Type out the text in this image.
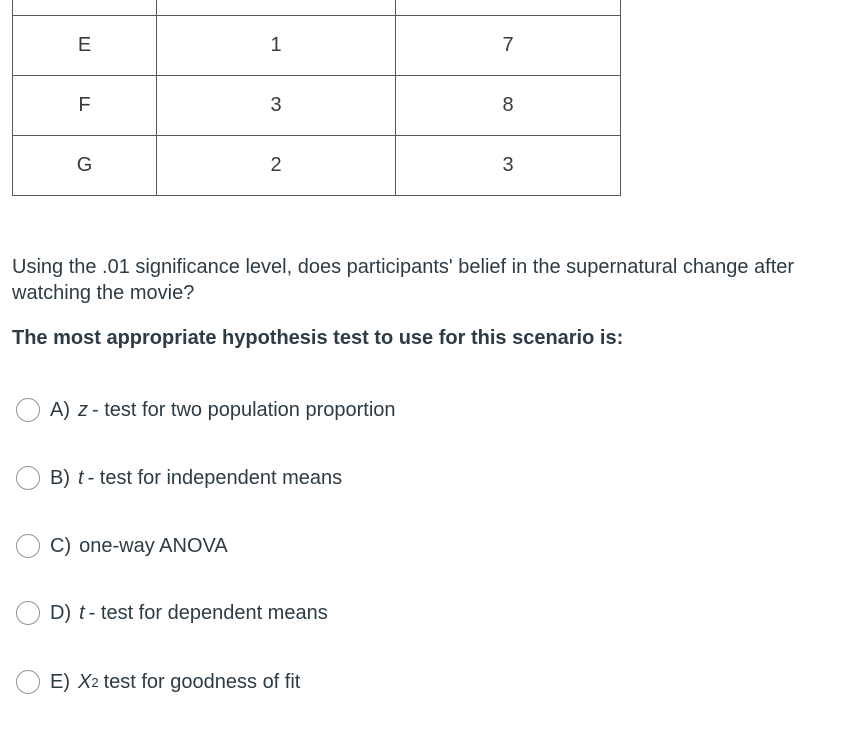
E	1	7
F	3	8
G	2	3

Using the .01 significance level, does participants' belief in the supernatural change after watching the movie?

The most appropriate hypothesis test to use for this scenario is:

A) z - test for two population proportion
B) t - test for independent means
C) one-way ANOVA
D) t - test for dependent means
E) X 2 test for goodness of fit
